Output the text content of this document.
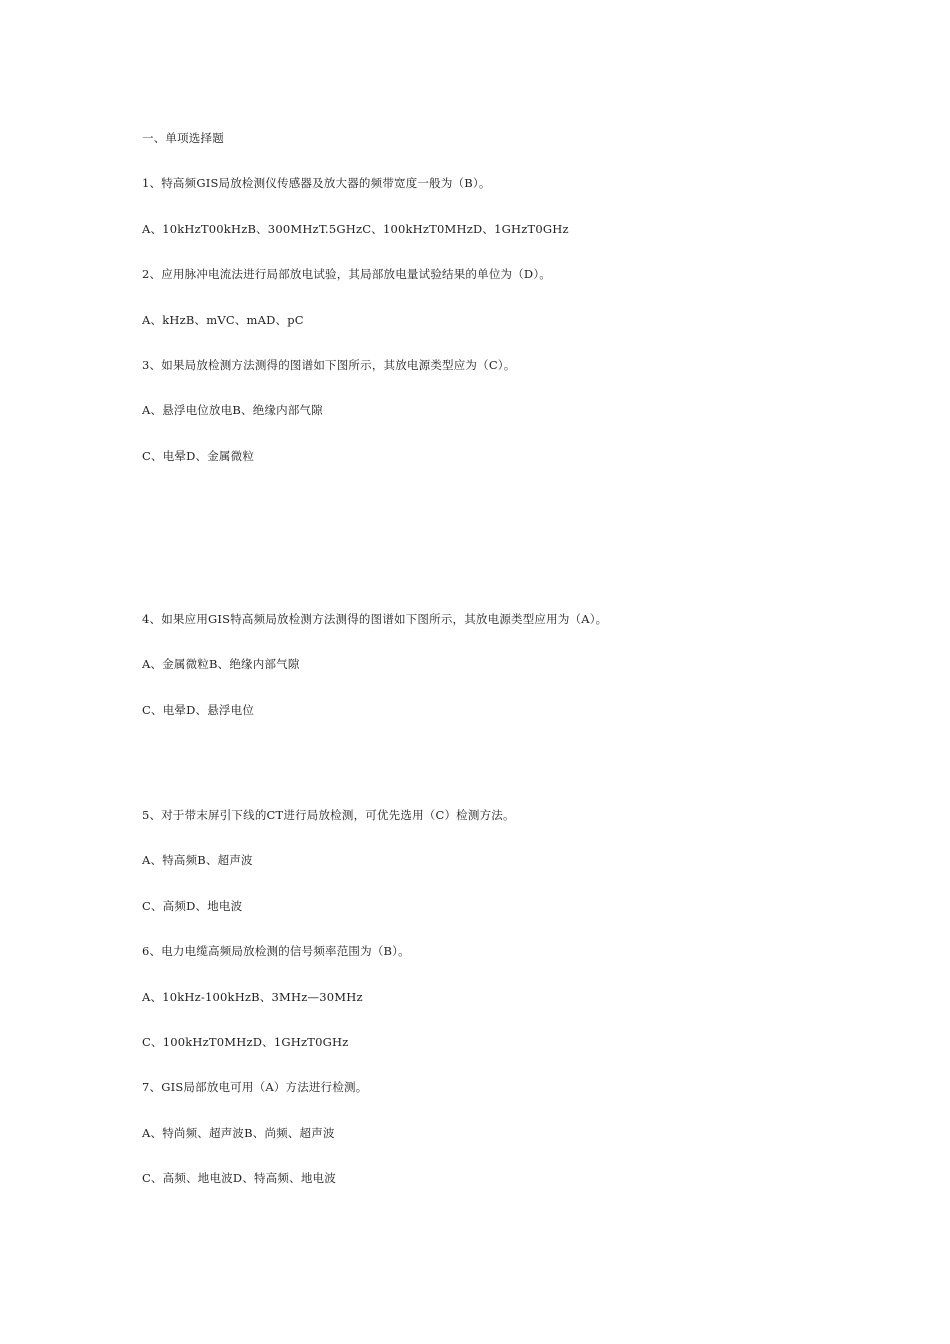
一、单项选择题
1、特高频GIS局放检测仪传感器及放大器的频带宽度一般为（B）。
A、10kHzT00kHzB、300MHzT.5GHzC、100kHzT0MHzD、1GHzT0GHz
2、应用脉冲电流法进行局部放电试验，其局部放电量试验结果的单位为（D）。
A、kHzB、mVC、mAD、pC
3、如果局放检测方法测得的图谱如下图所示，其放电源类型应为（C）。
A、悬浮电位放电B、绝缘内部气隙
C、电晕D、金属微粒
4、如果应用GIS特高频局放检测方法测得的图谱如下图所示，其放电源类型应用为（A）。
A、金属微粒B、绝缘内部气隙
C、电晕D、悬浮电位
5、对于带末屏引下线的CT进行局放检测，可优先选用（C）检测方法。
A、特高频B、超声波
C、高频D、地电波
6、电力电缆高频局放检测的信号频率范围为（B）。
A、10kHz-100kHzB、3MHz—30MHz
C、100kHzT0MHzD、1GHzT0GHz
7、GIS局部放电可用（A）方法进行检测。
A、特尚频、超声波B、尚频、超声波
C、高频、地电波D、特高频、地电波
